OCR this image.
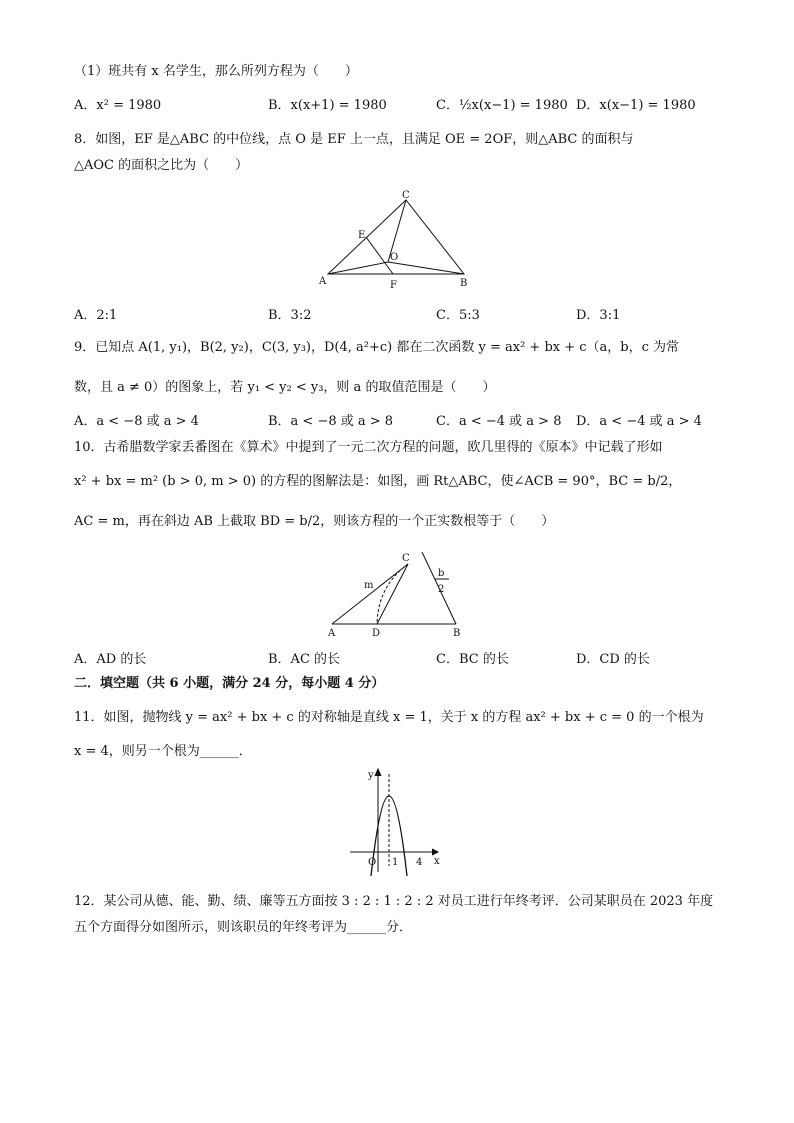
（1）班共有 x 名学生，那么所列方程为（　　）
A．x² = 1980	B．x(x+1) = 1980	C．½x(x−1) = 1980 D．x(x−1) = 1980
8．如图，EF 是△ABC 的中位线，点 O 是 EF 上一点，且满足 OE = 2OF，则△ABC 的面积与
△AOC 的面积之比为（　　）
C
E
O
A	F	B
A．2:1	B．3:2	C．5:3	D．3:1
9．已知点 A(1, y₁)，B(2, y₂)，C(3, y₃)，D(4, a²+c) 都在二次函数 y = ax² + bx + c（a，b，c 为常
数，且 a ≠ 0）的图象上，若 y₁ < y₂ < y₃，则 a 的取值范围是（　　）
A．a < −8 或 a > 4	B．a < −8 或 a > 8	C．a < −4 或 a > 8 D．a < −4 或 a > 4
10．古希腊数学家丢番图在《算术》中提到了一元二次方程的问题，欧几里得的《原本》中记载了形如
x² + bx = m² (b > 0, m > 0) 的方程的图解法是：如图，画 Rt△ABC，使∠ACB = 90°，BC = b/2，
AC = m，再在斜边 AB 上截取 BD = b/2，则该方程的一个正实数根等于（　　）
C
m
b
2
A	D	B
A．AD 的长	B．AC 的长	C．BC 的长	D．CD 的长
二．填空题（共 6 小题，满分 24 分，每小题 4 分）
11．如图，抛物线 y = ax² + bx + c 的对称轴是直线 x = 1，关于 x 的方程 ax² + bx + c = 0 的一个根为
x = 4，则另一个根为______．
y
x
O 1 4
12．某公司从德、能、勤、绩、廉等五方面按 3 : 2 : 1 : 2 : 2 对员工进行年终考评．公司某职员在 2023 年度
五个方面得分如图所示，则该职员的年终考评为______分．
